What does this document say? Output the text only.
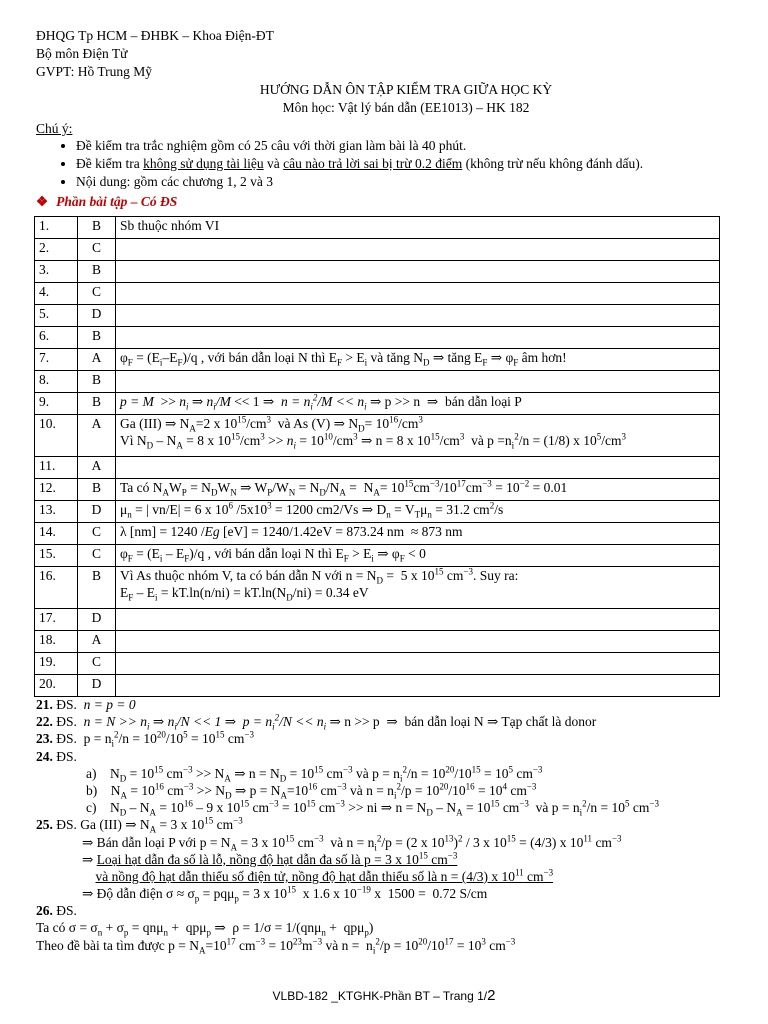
ĐHQG Tp HCM – ĐHBK – Khoa Điện-ĐT
Bộ môn Điện Tử
GVPT: Hồ Trung Mỹ
HƯỚNG DẪN ÔN TẬP KIỂM TRA GIỮA HỌC KỲ
Môn học: Vật lý bán dẫn (EE1013) – HK 182
Chú ý:
• Đề kiểm tra trắc nghiệm gồm có 25 câu với thời gian làm bài là 40 phút.
• Đề kiểm tra không sử dụng tài liệu và câu nào trả lời sai bị trừ 0.2 điểm (không trừ nếu không đánh dấu).
• Nội dung: gồm các chương 1, 2 và 3
❖ Phần bài tập – Có ĐS
1.	B	Sb thuộc nhóm VI
2.	C	
3.	B	
4.	C	
5.	D	
6.	B	
7.	A	$\varphi_F = (E_i-E_F)/q$ , với bán dẫn loại N thì $E_F > E_i$ và tăng $N_D$ ⇒ tăng $E_F$ ⇒ $\varphi_F$ âm hơn!
8.	B	
9.	B	$p = M >> n_i$ ⇒ $n_i/M << 1$ ⇒  $n = n_i^2/M << n_i$ ⇒ p >> n  ⇒  bán dẫn loại P
10.	A	Ga (III) ⇒ $N_A=2$ x $10^{15}/cm^3$  và As (V) ⇒ $N_D= 10^{16}/cm^3$
Vì $N_D - N_A = 8$ x $10^{15}/cm^3 >> n_i = 10^{10}/cm^3$ ⇒ n = 8 x $10^{15}/cm^3$  và $p =n_i^2/n = (1/8)$ x $10^5/cm^3$
11.	A	
12.	B	Ta có $N_AW_P = N_DW_N$ ⇒ $W_P/W_N = N_D/N_A = N_A= 10^{15}cm^{-3}/10^{17}cm^{-3} = 10^{-2} = 0.01$
13.	D	$\mu_n$ = | vn/E| = 6 x $10^6$ $/5x10^3 = 1200$ cm2/Vs ⇒ $D_n = V_T\mu_n = 31.2$ $cm^2/s$
14.	C	λ [nm] = 1240 /Eg [eV] = 1240/1.42eV = 873.24 nm  ≈ 873 nm
15.	C	$\varphi_F = (E_i - E_F)/q$ , với bán dẫn loại N thì $E_F > E_i$ ⇒ $\varphi_F < 0$
16.	B	Vì As thuộc nhóm V, ta có bán dẫn N với $n = N_D = 5$ x $10^{15}$ $cm^{-3}$. Suy ra:
$E_F - E_i = kT.\ln(n/ni) = kT.\ln(N_D/ni) = 0.34$ eV
17.	D	
18.	A	
19.	C	
20.	D	
21. ĐS.  n = p = 0
22. ĐS.  $n = N >> n_i$ ⇒ $n_i/N << 1$ ⇒  $p = n_i^2/N << n_i$ ⇒ n >> p  ⇒  bán dẫn loại N ⇒ Tạp chất là donor
23. ĐS.  $p = n_i^2/n = 10^{20}/10^5 = 10^{15}$ $cm^{-3}$
24. ĐS.
a)    $N_D = 10^{15}$ $cm^{-3} >> N_A$ ⇒ $n = N_D = 10^{15}$ $cm^{-3}$ và $p = n_i^2/n = 10^{20}/10^{15} = 10^5$ $cm^{-3}$
b)    $N_A = 10^{16}$ $cm^{-3} >> N_D$ ⇒ $p = N_A=10^{16}$ $cm^{-3}$ và $n = n_i^2/p = 10^{20}/10^{16} = 10^4$ $cm^{-3}$
c)    $N_D - N_A = 10^{16} - 9$ x $10^{15}$ $cm^{-3} = 10^{15}$ $cm^{-3}$ >> ni ⇒ $n = N_D - N_A = 10^{15}$ $cm^{-3}$  và $p = n_i^2/n = 10^5$ $cm^{-3}$
25. ĐS. Ga (III) ⇒ $N_A = 3$ x $10^{15}$ $cm^{-3}$
⇒ Bán dẫn loại P với $p = N_A = 3$ x $10^{15}$ $cm^{-3}$  và $n = n_i^2/p = (2$ x $10^{13})^2 / 3$ x $10^{15} = (4/3)$ x $10^{11}$ $cm^{-3}$
⇒ Loại hạt dẫn đa số là lỗ, nồng độ hạt dẫn đa số là p = 3 x $10^{15}$ $cm^{-3}$
và nồng độ hạt dẫn thiểu số điện tử, nồng độ hạt dẫn thiểu số là n = (4/3) x $10^{11}$ $cm^{-3}$
⇒ Độ dẫn điện $\sigma \approx \sigma_p = pq\mu_p = 3$ x $10^{15}$  x 1.6 x $10^{-19}$ x  1500 =  0.72 S/cm
26. ĐS.
Ta có $\sigma = \sigma_n + \sigma_p = qn\mu_n + qp\mu_p$ ⇒  ρ = 1/σ = 1/(qnμ$_n$ +  qpμ$_p$)
Theo đề bài ta tìm được $p = N_A=10^{17}$ $cm^{-3} = 10^{23}m^{-3}$ và $n = n_i^2/p = 10^{20}/10^{17} = 10^3$ $cm^{-3}$
VLBD-182 _KTGHK-Phần BT – Trang 1/2
